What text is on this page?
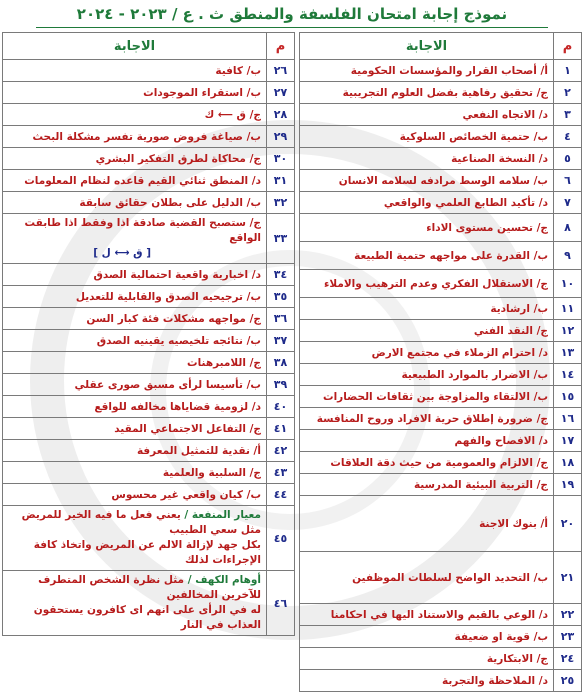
نموذج إجابة امتحان الفلسفة والمنطق ث . ع / ٢٠٢٣ - ٢٠٢٤
م	الاجابة
١	أ/ أصحاب القرار والمؤسسات الحكومية
٢	ج/ تحقيق رفاهية بفضل العلوم التجريبية
٣	د/ الاتجاه النفعي
٤	ب/ حتمية الخصائص السلوكية
٥	د/ النسخة الصناعية
٦	ب/ سلامه الوسط مرادفه لسلامه الانسان
٧	د/ تأكيد الطابع العلمي والواقعي
٨	ج/ تحسين مستوى الاداء
٩	ب/ القدرة على مواجهه حتمية الطبيعة
١٠	ج/ الاستقلال الفكري وعدم الترهيب والاملاء
١١	ب/ ارشادية
١٢	ج/ النقد الفني
١٣	د/ احترام الزملاء في مجتمع الارض
١٤	ب/ الاضرار بالموارد الطبيعية
١٥	ب/ الالتقاء والمزاوجة بين ثقافات الحضارات
١٦	ج/ ضرورة إطلاق حرية الافراد وروح المنافسة
١٧	د/ الافصاح والفهم
١٨	ج/ الالزام والعمومية من حيث دقة العلاقات
١٩	ج/ التربية البيئية المدرسية
٢٠	أ/ بنوك الاجنة
٢١	ب/ التحديد الواضح لسلطات الموظفين
٢٢	د/ الوعي بالقيم والاستناد اليها في احكامنا
٢٣	ب/ قوية او ضعيفة
٢٤	ج/ الابتكارية
٢٥	د/ الملاحظة والتجربة
م	الاجابة
٢٦	ب/ كافية
٢٧	ب/ استقراء الموجودات
٢٨	ج/ ق ⟵ ك
٢٩	ب/ صياغة فروض صورية تفسر مشكلة البحث
٣٠	ج/ محاكاة لطرق التفكير البشري
٣١	د/ المنطق ثنائي القيم قاعده لنظام المعلومات
٣٢	ب/ الدليل على بطلان حقائق سابقة
٣٣	ج/ ستصبح القضية صادقة اذا وفقط اذا طابقت الواقع
[ ق ⟷ ل ]
٣٤	د/ اخبارية واقعية احتمالية الصدق
٣٥	ب/ ترجيحيه الصدق والقابلية للتعديل
٣٦	ج/ مواجهه مشكلات فئة كبار السن
٣٧	ب/ نتائجه تلخيصيه يقينيه الصدق
٣٨	ج/ اللامبرهنات
٣٩	ب/ تأسيسا لرأى مسبق صورى عقلي
٤٠	د/ لزومية قضاياها مخالفه للواقع
٤١	ج/ التفاعل الاجتماعي المقيد
٤٢	أ/ نقدية للتمثيل المعرفة
٤٣	ج/ السلبية والعلمية
٤٤	ب/ كيان واقعي غير محسوس
٤٥	معيار المنفعة / يعني فعل ما فيه الخير للمريض مثل سعي الطبيب
بكل جهد لإزالة الالم عن المريض واتخاذ كافة الإجراءات لذلك
٤٦	أوهام الكهف / مثل نظرة الشخص المتطرف للآخرين المخالفين
له في الرأى على انهم اى كافرون يستحقون العذاب في النار
